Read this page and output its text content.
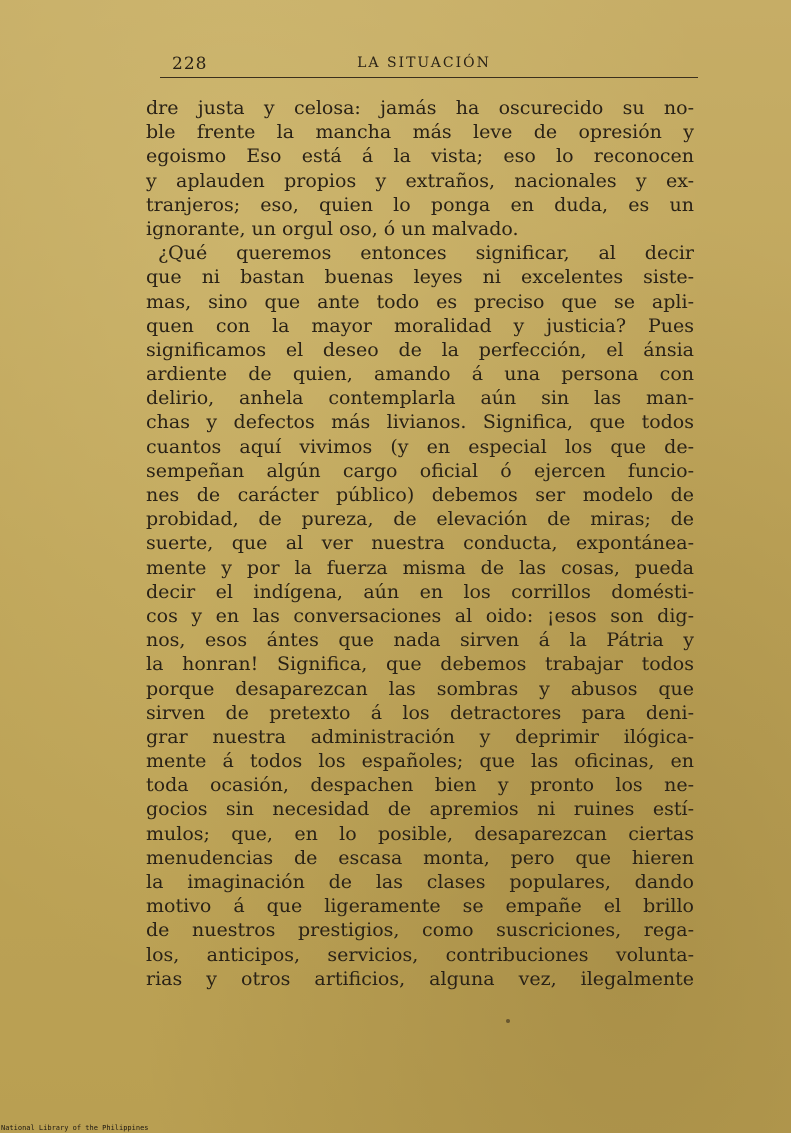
228	LA SITUACIÓN
dre justa y celosa: jamás ha oscurecido su no-
ble frente la mancha más leve de opresión y
egoismo Eso está á la vista; eso lo reconocen
y aplauden propios y extraños, nacionales y ex-
tranjeros; eso, quien lo ponga en duda, es un
ignorante, un orgul oso, ó un malvado.
¿Qué queremos entonces significar, al decir
que ni bastan buenas leyes ni excelentes siste-
mas, sino que ante todo es preciso que se apli-
quen con la mayor moralidad y justicia? Pues
significamos el deseo de la perfección, el ánsia
ardiente de quien, amando á una persona con
delirio, anhela contemplarla aún sin las man-
chas y defectos más livianos. Significa, que todos
cuantos aquí vivimos (y en especial los que de-
sempeñan algún cargo oficial ó ejercen funcio-
nes de carácter público) debemos ser modelo de
probidad, de pureza, de elevación de miras; de
suerte, que al ver nuestra conducta, expontánea-
mente y por la fuerza misma de las cosas, pueda
decir el indígena, aún en los corrillos domésti-
cos y en las conversaciones al oido: ¡esos son dig-
nos, esos ántes que nada sirven á la Pátria y
la honran! Significa, que debemos trabajar todos
porque desaparezcan las sombras y abusos que
sirven de pretexto á los detractores para deni-
grar nuestra administración y deprimir ilógica-
mente á todos los españoles; que las oficinas, en
toda ocasión, despachen bien y pronto los ne-
gocios sin necesidad de apremios ni ruines estí-
mulos; que, en lo posible, desaparezcan ciertas
menudencias de escasa monta, pero que hieren
la imaginación de las clases populares, dando
motivo á que ligeramente se empañe el brillo
de nuestros prestigios, como suscriciones, rega-
los, anticipos, servicios, contribuciones volunta-
rias y otros artificios, alguna vez, ilegalmente
National Library of the Philippines
